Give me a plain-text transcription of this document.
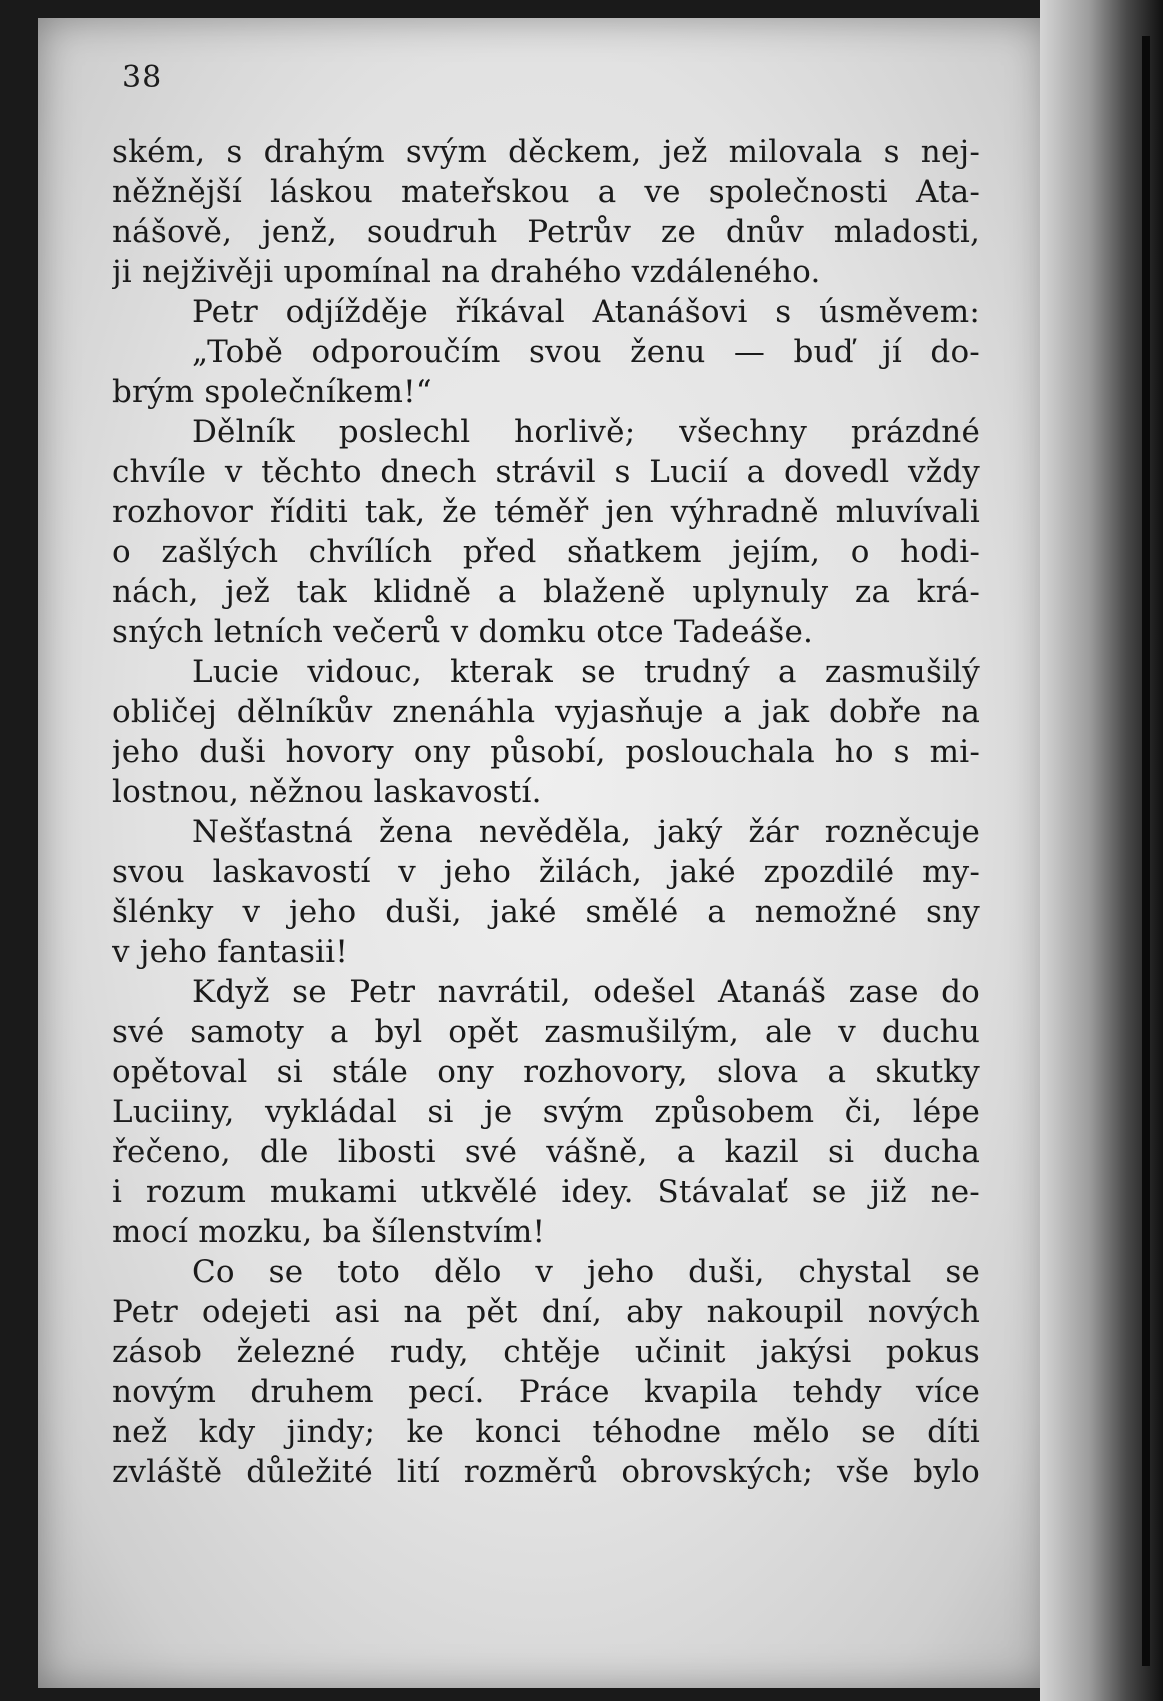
38
ském, s drahým svým děckem, jež milovala s nej-
něžnější láskou mateřskou a ve společnosti Ata-
nášově, jenž, soudruh Petrův ze dnův mladosti,
ji nejživěji upomínal na drahého vzdáleného.
Petr odjížděje říkával Atanášovi s úsměvem:
„Tobě odporoučím svou ženu — buď jí do-
brým společníkem!“
Dělník poslechl horlivě; všechny prázdné
chvíle v těchto dnech strávil s Lucií a dovedl vždy
rozhovor říditi tak, že téměř jen výhradně mluvívali
o zašlých chvílích před sňatkem jejím, o hodi-
nách, jež tak klidně a blaženě uplynuly za krá-
sných letních večerů v domku otce Tadeáše.
Lucie vidouc, kterak se trudný a zasmušilý
obličej dělníkův znenáhla vyjasňuje a jak dobře na
jeho duši hovory ony působí, poslouchala ho s mi-
lostnou, něžnou laskavostí.
Nešťastná žena nevěděla, jaký žár rozněcuje
svou laskavostí v jeho žilách, jaké zpozdilé my-
šlénky v jeho duši, jaké smělé a nemožné sny
v jeho fantasii!
Když se Petr navrátil, odešel Atanáš zase do
své samoty a byl opět zasmušilým, ale v duchu
opětoval si stále ony rozhovory, slova a skutky
Luciiny, vykládal si je svým způsobem či, lépe
řečeno, dle libosti své vášně, a kazil si ducha
i rozum mukami utkvělé idey. Stávalať se již ne-
mocí mozku, ba šílenstvím!
Co se toto dělo v jeho duši, chystal se
Petr odejeti asi na pět dní, aby nakoupil nových
zásob železné rudy, chtěje učinit jakýsi pokus
novým druhem pecí. Práce kvapila tehdy více
než kdy jindy; ke konci téhodne mělo se díti
zvláště důležité lití rozměrů obrovských; vše bylo
